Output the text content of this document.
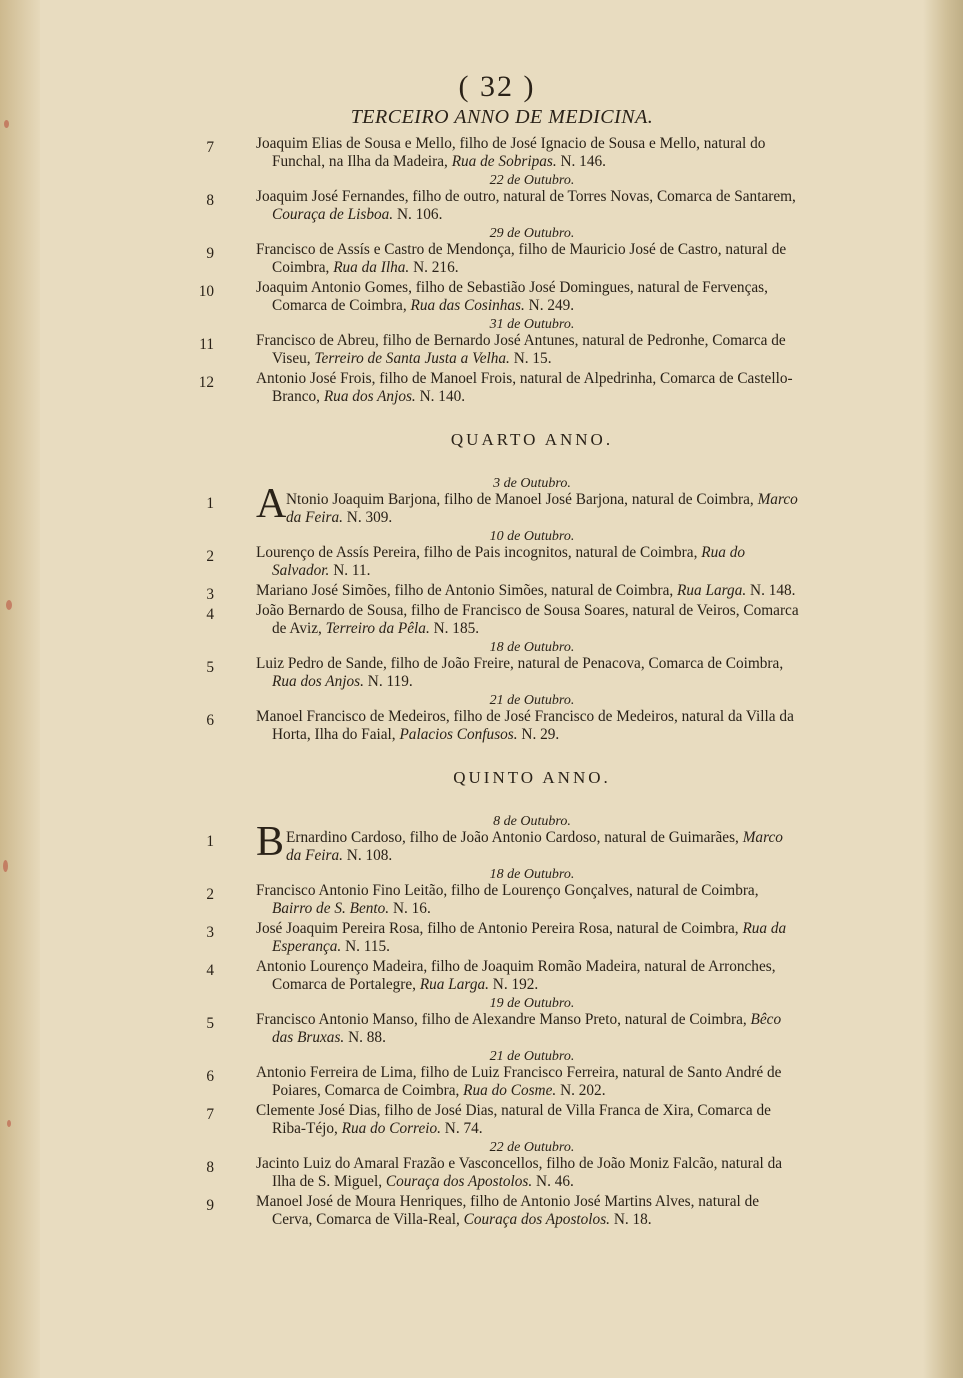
( 32 )
TERCEIRO ANNO DE MEDICINA.
7	Joaquim Elias de Sousa e Mello, filho de José Ignacio de Sousa e Mello, natural do Funchal, na Ilha da Madeira, Rua de Sobripas. N. 146.
22 de Outubro.
8	Joaquim José Fernandes, filho de outro, natural de Torres Novas, Comarca de Santarem, Couraça de Lisboa. N. 106.
29 de Outubro.
9	Francisco de Assís e Castro de Mendonça, filho de Mauricio José de Castro, natural de Coimbra, Rua da Ilha. N. 216.
10	Joaquim Antonio Gomes, filho de Sebastião José Domingues, natural de Fervenças, Comarca de Coimbra, Rua das Cosinhas. N. 249.
31 de Outubro.
11	Francisco de Abreu, filho de Bernardo José Antunes, natural de Pedronhe, Comarca de Viseu, Terreiro de Santa Justa a Velha. N. 15.
12	Antonio José Frois, filho de Manoel Frois, natural de Alpedrinha, Comarca de Castello-Branco, Rua dos Anjos. N. 140.
QUARTO ANNO.
3 de Outubro.
1 A Ntonio Joaquim Barjona, filho de Manoel José Barjona, natural de Coimbra, Marco da Feira. N. 309.
10 de Outubro.
2	Lourenço de Assís Pereira, filho de Pais incognitos, natural de Coimbra, Rua do Salvador. N. 11.
3	Mariano José Simões, filho de Antonio Simões, natural de Coimbra, Rua Larga. N. 148.
4	João Bernardo de Sousa, filho de Francisco de Sousa Soares, natural de Veiros, Comarca de Aviz, Terreiro da Pêla. N. 185.
18 de Outubro.
5	Luiz Pedro de Sande, filho de João Freire, natural de Penacova, Comarca de Coimbra, Rua dos Anjos. N. 119.
21 de Outubro.
6	Manoel Francisco de Medeiros, filho de José Francisco de Medeiros, natural da Villa da Horta, Ilha do Faial, Palacios Confusos. N. 29.
QUINTO ANNO.
8 de Outubro.
1 B Ernardino Cardoso, filho de João Antonio Cardoso, natural de Guimarães, Marco da Feira. N. 108.
18 de Outubro.
2	Francisco Antonio Fino Leitão, filho de Lourenço Gonçalves, natural de Coimbra, Bairro de S. Bento. N. 16.
3	José Joaquim Pereira Rosa, filho de Antonio Pereira Rosa, natural de Coimbra, Rua da Esperança. N. 115.
4	Antonio Lourenço Madeira, filho de Joaquim Romão Madeira, natural de Arronches, Comarca de Portalegre, Rua Larga. N. 192.
19 de Outubro.
5	Francisco Antonio Manso, filho de Alexandre Manso Preto, natural de Coimbra, Bêco das Bruxas. N. 88.
21 de Outubro.
6	Antonio Ferreira de Lima, filho de Luiz Francisco Ferreira, natural de Santo André de Poiares, Comarca de Coimbra, Rua do Cosme. N. 202.
7	Clemente José Dias, filho de José Dias, natural de Villa Franca de Xira, Comarca de Riba-Téjo, Rua do Correio. N. 74.
22 de Outubro.
8	Jacinto Luiz do Amaral Frazão e Vasconcellos, filho de João Moniz Falcão, natural da Ilha de S. Miguel, Couraça dos Apostolos. N. 46.
9	Manoel José de Moura Henriques, filho de Antonio José Martins Alves, natural de Cerva, Comarca de Villa-Real, Couraça dos Apostolos. N. 18.
